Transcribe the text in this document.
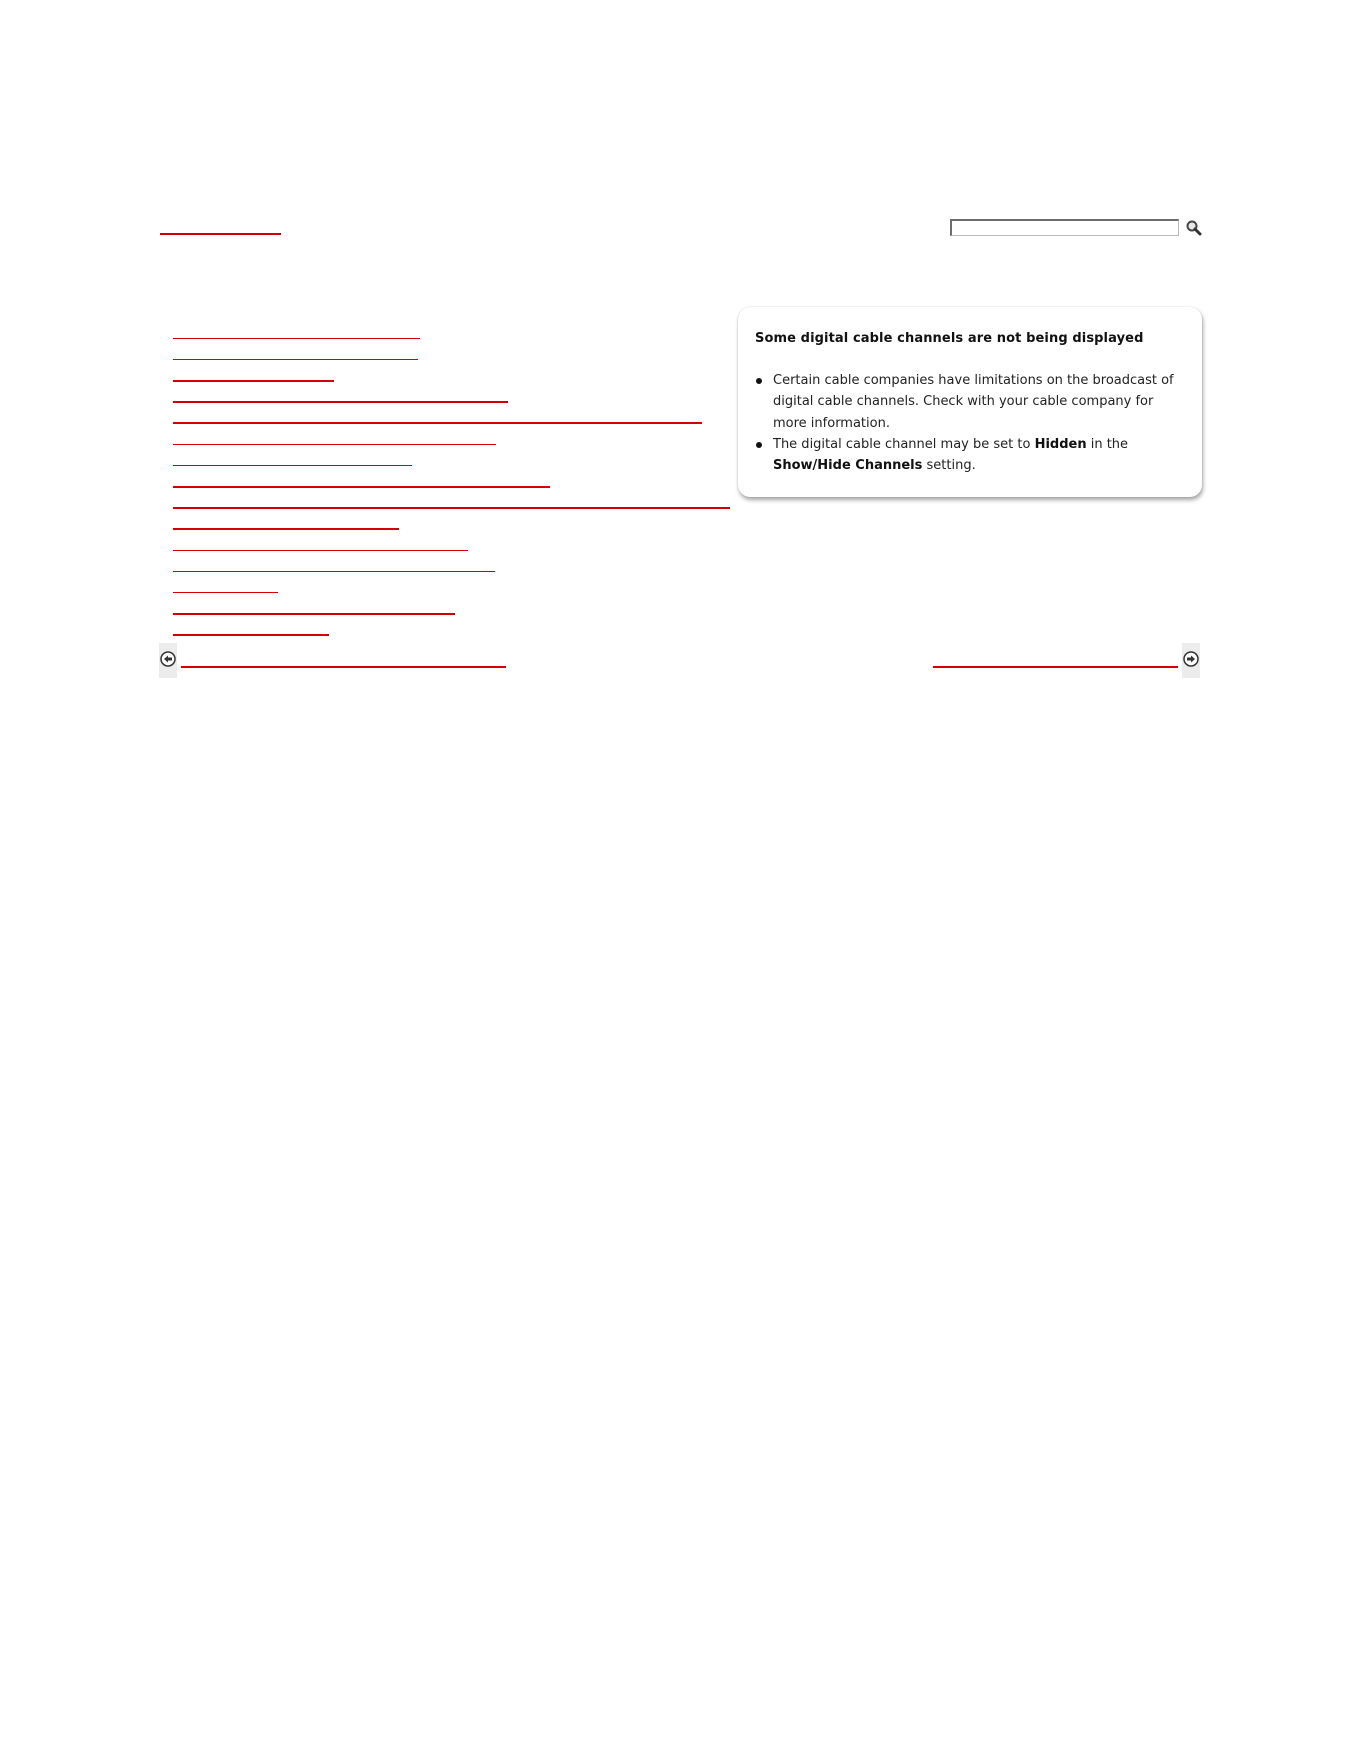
Some digital cable channels are not being displayed

Certain cable companies have limitations on the broadcast of digital cable channels. Check with your cable company for more information.
The digital cable channel may be set to Hidden in the Show/Hide Channels setting.
